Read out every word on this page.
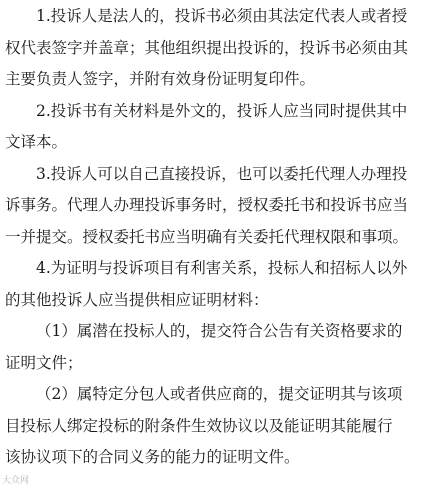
1.投诉人是法人的，投诉书必须由其法定代表人或者授
权代表签字并盖章；其他组织提出投诉的，投诉书必须由其
主要负责人签字，并附有效身份证明复印件。
2.投诉书有关材料是外文的，投诉人应当同时提供其中
文译本。
3.投诉人可以自己直接投诉，也可以委托代理人办理投
诉事务。代理人办理投诉事务时，授权委托书和投诉书应当
一并提交。授权委托书应当明确有关委托代理权限和事项。
4.为证明与投诉项目有利害关系，投标人和招标人以外
的其他投诉人应当提供相应证明材料：
（1）属潜在投标人的，提交符合公告有关资格要求的
证明文件；
（2）属特定分包人或者供应商的，提交证明其与该项
目投标人绑定投标的附条件生效协议以及能证明其能履行
该协议项下的合同义务的能力的证明文件。
大众网
